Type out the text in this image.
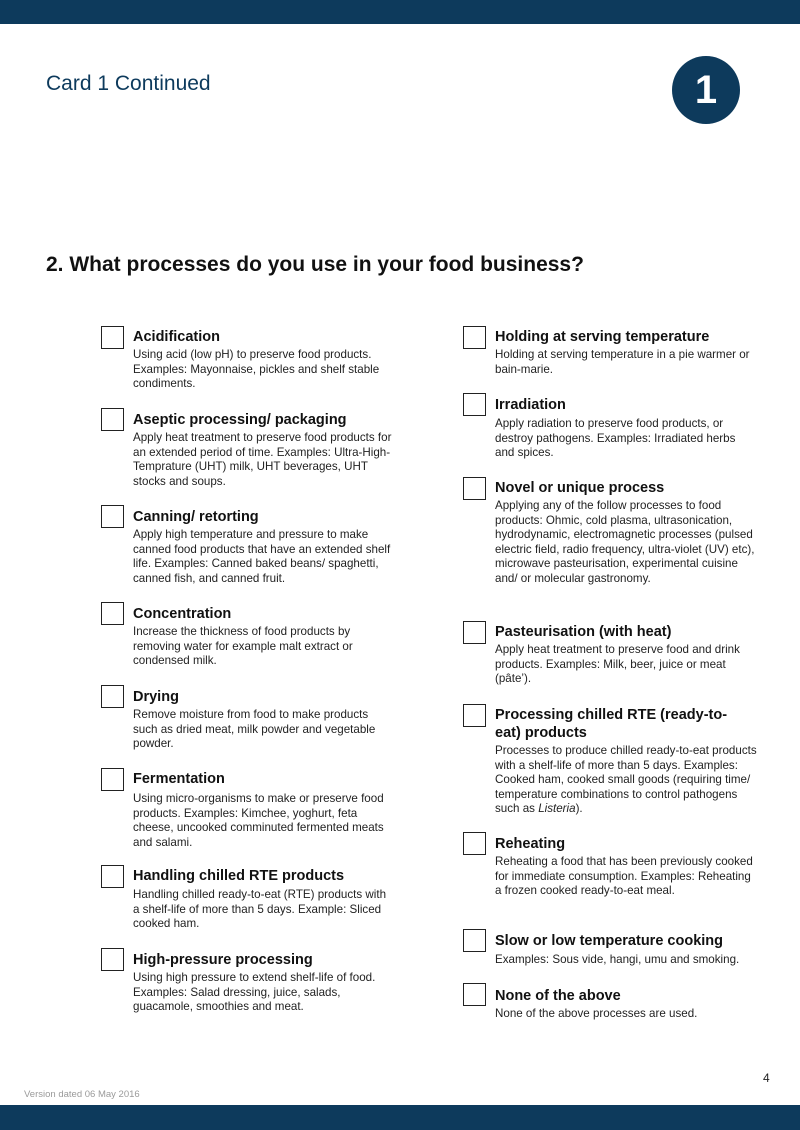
Card 1 Continued	1
2. What processes do you use in your food business?
Acidification
Using acid (low pH) to preserve food products. Examples: Mayonnaise, pickles and shelf stable condiments.
Aseptic processing/ packaging
Apply heat treatment to preserve food products for an extended period of time. Examples: Ultra-High-Temprature (UHT) milk, UHT beverages, UHT stocks and soups.
Canning/ retorting
Apply high temperature and pressure to make canned food products that have an extended shelf life. Examples: Canned baked beans/ spaghetti, canned fish, and canned fruit.
Concentration
Increase the thickness of food products by removing water for example malt extract or condensed milk.
Drying
Remove moisture from food to make products such as dried meat, milk powder and vegetable powder.
Fermentation
Using micro-organisms to make or preserve food products. Examples: Kimchee, yoghurt, feta cheese, uncooked comminuted fermented meats and salami.
Handling chilled RTE products
Handling chilled ready-to-eat (RTE) products with a shelf-life of more than 5 days. Example: Sliced cooked ham.
High-pressure processing
Using high pressure to extend shelf-life of food. Examples: Salad dressing, juice, salads, guacamole, smoothies and meat.
Holding at serving temperature
Holding at serving temperature in a pie warmer or bain-marie.
Irradiation
Apply radiation to preserve food products, or destroy pathogens. Examples: Irradiated herbs and spices.
Novel or unique process
Applying any of the follow processes to food products: Ohmic, cold plasma, ultrasonication, hydrodynamic, electromagnetic processes (pulsed electric field, radio frequency, ultra-violet (UV) etc), microwave pasteurisation, experimental cuisine and/ or molecular gastronomy.
Pasteurisation (with heat)
Apply heat treatment to preserve food and drink products. Examples: Milk, beer, juice or meat (pâte’).
Processing chilled RTE (ready-to-eat) products
Processes to produce chilled ready-to-eat products with a shelf-life of more than 5 days. Examples: Cooked ham, cooked small goods (requiring time/ temperature combinations to control pathogens such as Listeria).
Reheating
Reheating a food that has been previously cooked for immediate consumption. Examples: Reheating a frozen cooked ready-to-eat meal.
Slow or low temperature cooking
Examples: Sous vide, hangi, umu and smoking.
None of the above
None of the above processes are used.
4
Version dated 06 May 2016
